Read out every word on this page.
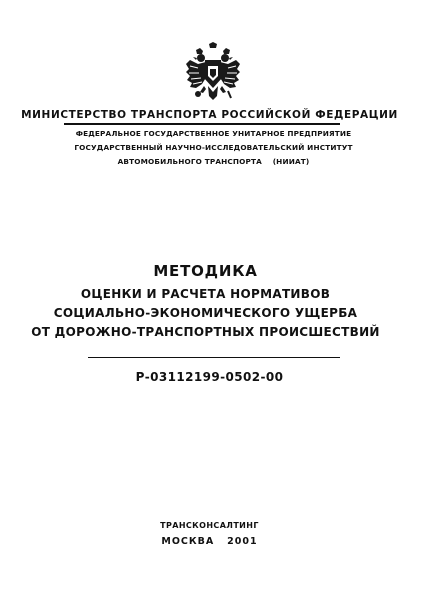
МИНИСТЕРСТВО ТРАНСПОРТА РОССИЙСКОЙ ФЕДЕРАЦИИ
ФЕДЕРАЛЬНОЕ ГОСУДАРСТВЕННОЕ УНИТАРНОЕ ПРЕДПРИЯТИЕ
ГОСУДАРСТВЕННЫЙ НАУЧНО-ИССЛЕДОВАТЕЛЬСКИЙ ИНСТИТУТ
АВТОМОБИЛЬНОГО ТРАНСПОРТА    (НИИАТ)
МЕТОДИКА
ОЦЕНКИ И РАСЧЕТА НОРМАТИВОВ
СОЦИАЛЬНО-ЭКОНОМИЧЕСКОГО УЩЕРБА
ОТ ДОРОЖНО-ТРАНСПОРТНЫХ ПРОИСШЕСТВИЙ
Р-03112199-0502-00
ТРАНСКОНСАЛТИНГ
МОСКВА   2001
